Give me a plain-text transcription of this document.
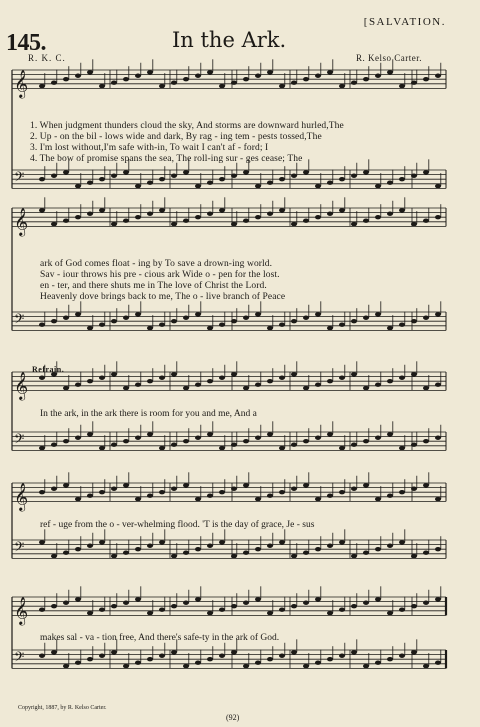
145.	In the Ark.
[SALVATION.
R. K. C.	R. Kelso Carter.
𝄞
𝄢
𝄞
𝄢
𝄞
𝄢
𝄞
𝄢
𝄞
𝄢
1. When judgment thunders cloud the sky, And storms are downward hurled,The
2. Up - on the bil - lows wide and dark, By rag - ing tem - pests tossed,The
3. I'm lost without,I'm safe with-in, To wait I can't af - ford; I
4. The bow of promise spans the sea, The roll-ing sur - ges cease; The
ark of God comes float - ing by To save a drown-ing world.
Sav - iour throws his pre - cious ark Wide o - pen for the lost.
en - ter, and there shuts me in The love of Christ the Lord.
Heavenly dove brings back to me, The o - live branch of Peace
Refrain.
In the ark, in the ark there is room for you and me, And a
ref - uge from the o - ver-whelming flood. 'T is the day of grace, Je - sus
makes sal - va - tion free, And there's safe-ty in the ark of God.
Copyright, 1887, by R. Kelso Carter.
(92)
